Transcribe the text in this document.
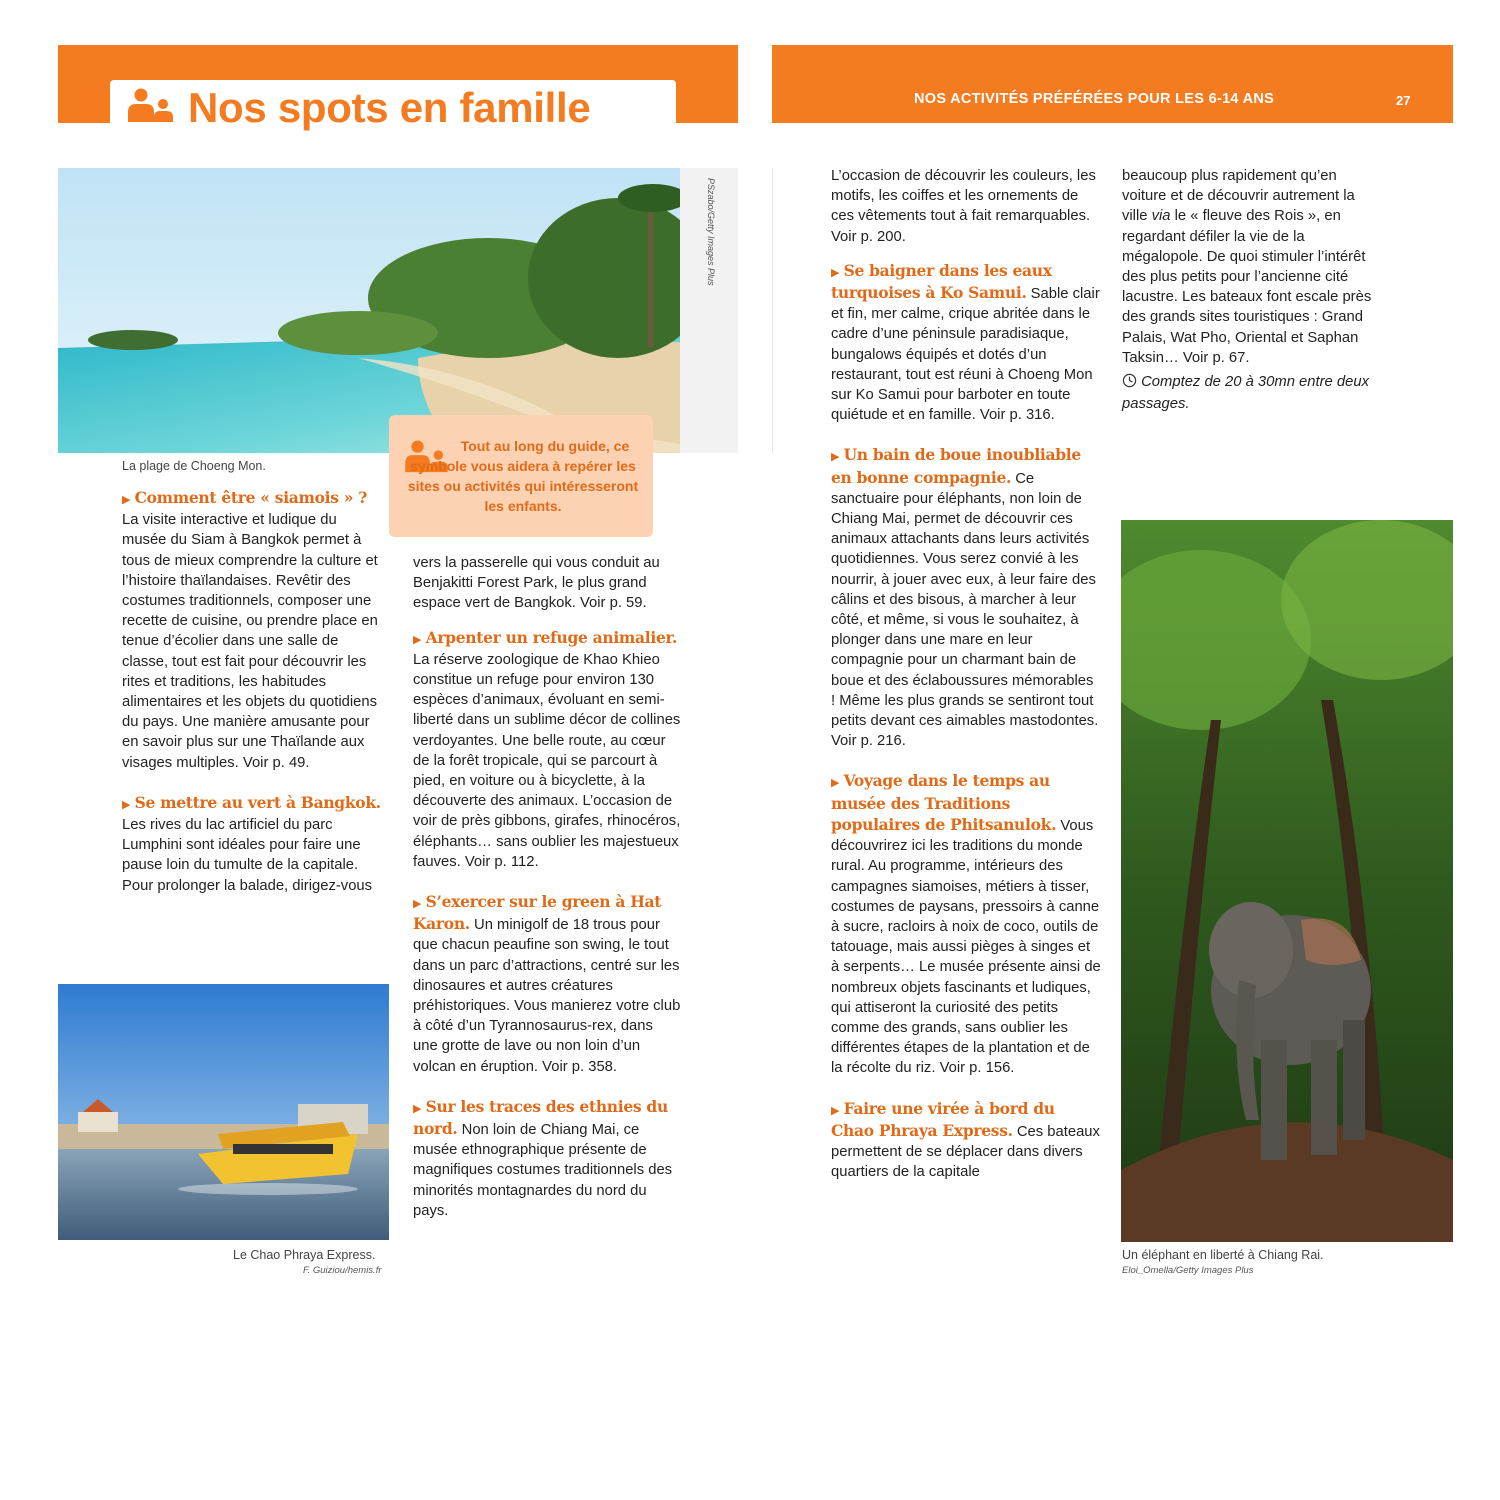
Nos spots en famille	NOS ACTIVITÉS PRÉFÉRÉES POUR LES 6-14 ANS	27
PSzabo/Getty Images Plus
La plage de Choeng Mon.
Tout au long du guide, ce symbole vous aidera à repérer les sites ou activités qui intéresseront les enfants.

▶ Comment être « siamois » ? La visite interactive et ludique du musée du Siam à Bangkok permet à tous de mieux comprendre la culture et l’histoire thaïlandaises. Revêtir des costumes traditionnels, composer une recette de cuisine, ou prendre place en tenue d’écolier dans une salle de classe, tout est fait pour découvrir les rites et traditions, les habitudes alimentaires et les objets du quotidiens du pays. Une manière amusante pour en savoir plus sur une Thaïlande aux visages multiples. Voir p. 49.

▶ Se mettre au vert à Bangkok. Les rives du lac artificiel du parc Lumphini sont idéales pour faire une pause loin du tumulte de la capitale. Pour prolonger la balade, dirigez-vous

Le Chao Phraya Express.
F. Guiziou/hemis.fr

vers la passerelle qui vous conduit au Benjakitti Forest Park, le plus grand espace vert de Bangkok. Voir p. 59.

▶ Arpenter un refuge animalier. La réserve zoologique de Khao Khieo constitue un refuge pour environ 130 espèces d’animaux, évoluant en semi-liberté dans un sublime décor de collines verdoyantes. Une belle route, au cœur de la forêt tropicale, qui se parcourt à pied, en voiture ou à bicyclette, à la découverte des animaux. L’occasion de voir de près gibbons, girafes, rhinocéros, éléphants… sans oublier les majestueux fauves. Voir p. 112.

▶ S’exercer sur le green à Hat Karon. Un minigolf de 18 trous pour que chacun peaufine son swing, le tout dans un parc d’attractions, centré sur les dinosaures et autres créatures préhistoriques. Vous manierez votre club à côté d’un Tyrannosaurus-rex, dans une grotte de lave ou non loin d’un volcan en éruption. Voir p. 358.

▶ Sur les traces des ethnies du nord. Non loin de Chiang Mai, ce musée ethnographique présente de magnifiques costumes traditionnels des minorités montagnardes du nord du pays.

L’occasion de découvrir les couleurs, les motifs, les coiffes et les ornements de ces vêtements tout à fait remarquables. Voir p. 200.

▶ Se baigner dans les eaux turquoises à Ko Samui. Sable clair et fin, mer calme, crique abritée dans le cadre d’une péninsule paradisiaque, bungalows équipés et dotés d’un restaurant, tout est réuni à Choeng Mon sur Ko Samui pour barboter en toute quiétude et en famille. Voir p. 316.

▶ Un bain de boue inoubliable en bonne compagnie. Ce sanctuaire pour éléphants, non loin de Chiang Mai, permet de découvrir ces animaux attachants dans leurs activités quotidiennes. Vous serez convié à les nourrir, à jouer avec eux, à leur faire des câlins et des bisous, à marcher à leur côté, et même, si vous le souhaitez, à plonger dans une mare en leur compagnie pour un charmant bain de boue et des éclaboussures mémorables ! Même les plus grands se sentiront tout petits devant ces aimables mastodontes. Voir p. 216.

▶ Voyage dans le temps au musée des Traditions populaires de Phitsanulok. Vous découvrirez ici les traditions du monde rural. Au programme, intérieurs des campagnes siamoises, métiers à tisser, costumes de paysans, pressoirs à canne à sucre, racloirs à noix de coco, outils de tatouage, mais aussi pièges à singes et à serpents… Le musée présente ainsi de nombreux objets fascinants et ludiques, qui attiseront la curiosité des petits comme des grands, sans oublier les différentes étapes de la plantation et de la récolte du riz. Voir p. 156.

▶ Faire une virée à bord du Chao Phraya Express. Ces bateaux permettent de se déplacer dans divers quartiers de la capitale

beaucoup plus rapidement qu’en voiture et de découvrir autrement la ville via le « fleuve des Rois », en regardant défiler la vie de la mégalopole. De quoi stimuler l’intérêt des plus petits pour l’ancienne cité lacustre. Les bateaux font escale près des grands sites touristiques : Grand Palais, Wat Pho, Oriental et Saphan Taksin… Voir p. 67.

Comptez de 20 à 30mn entre deux passages.
Un éléphant en liberté à Chiang Rai.
Eloi_Omella/Getty Images Plus
